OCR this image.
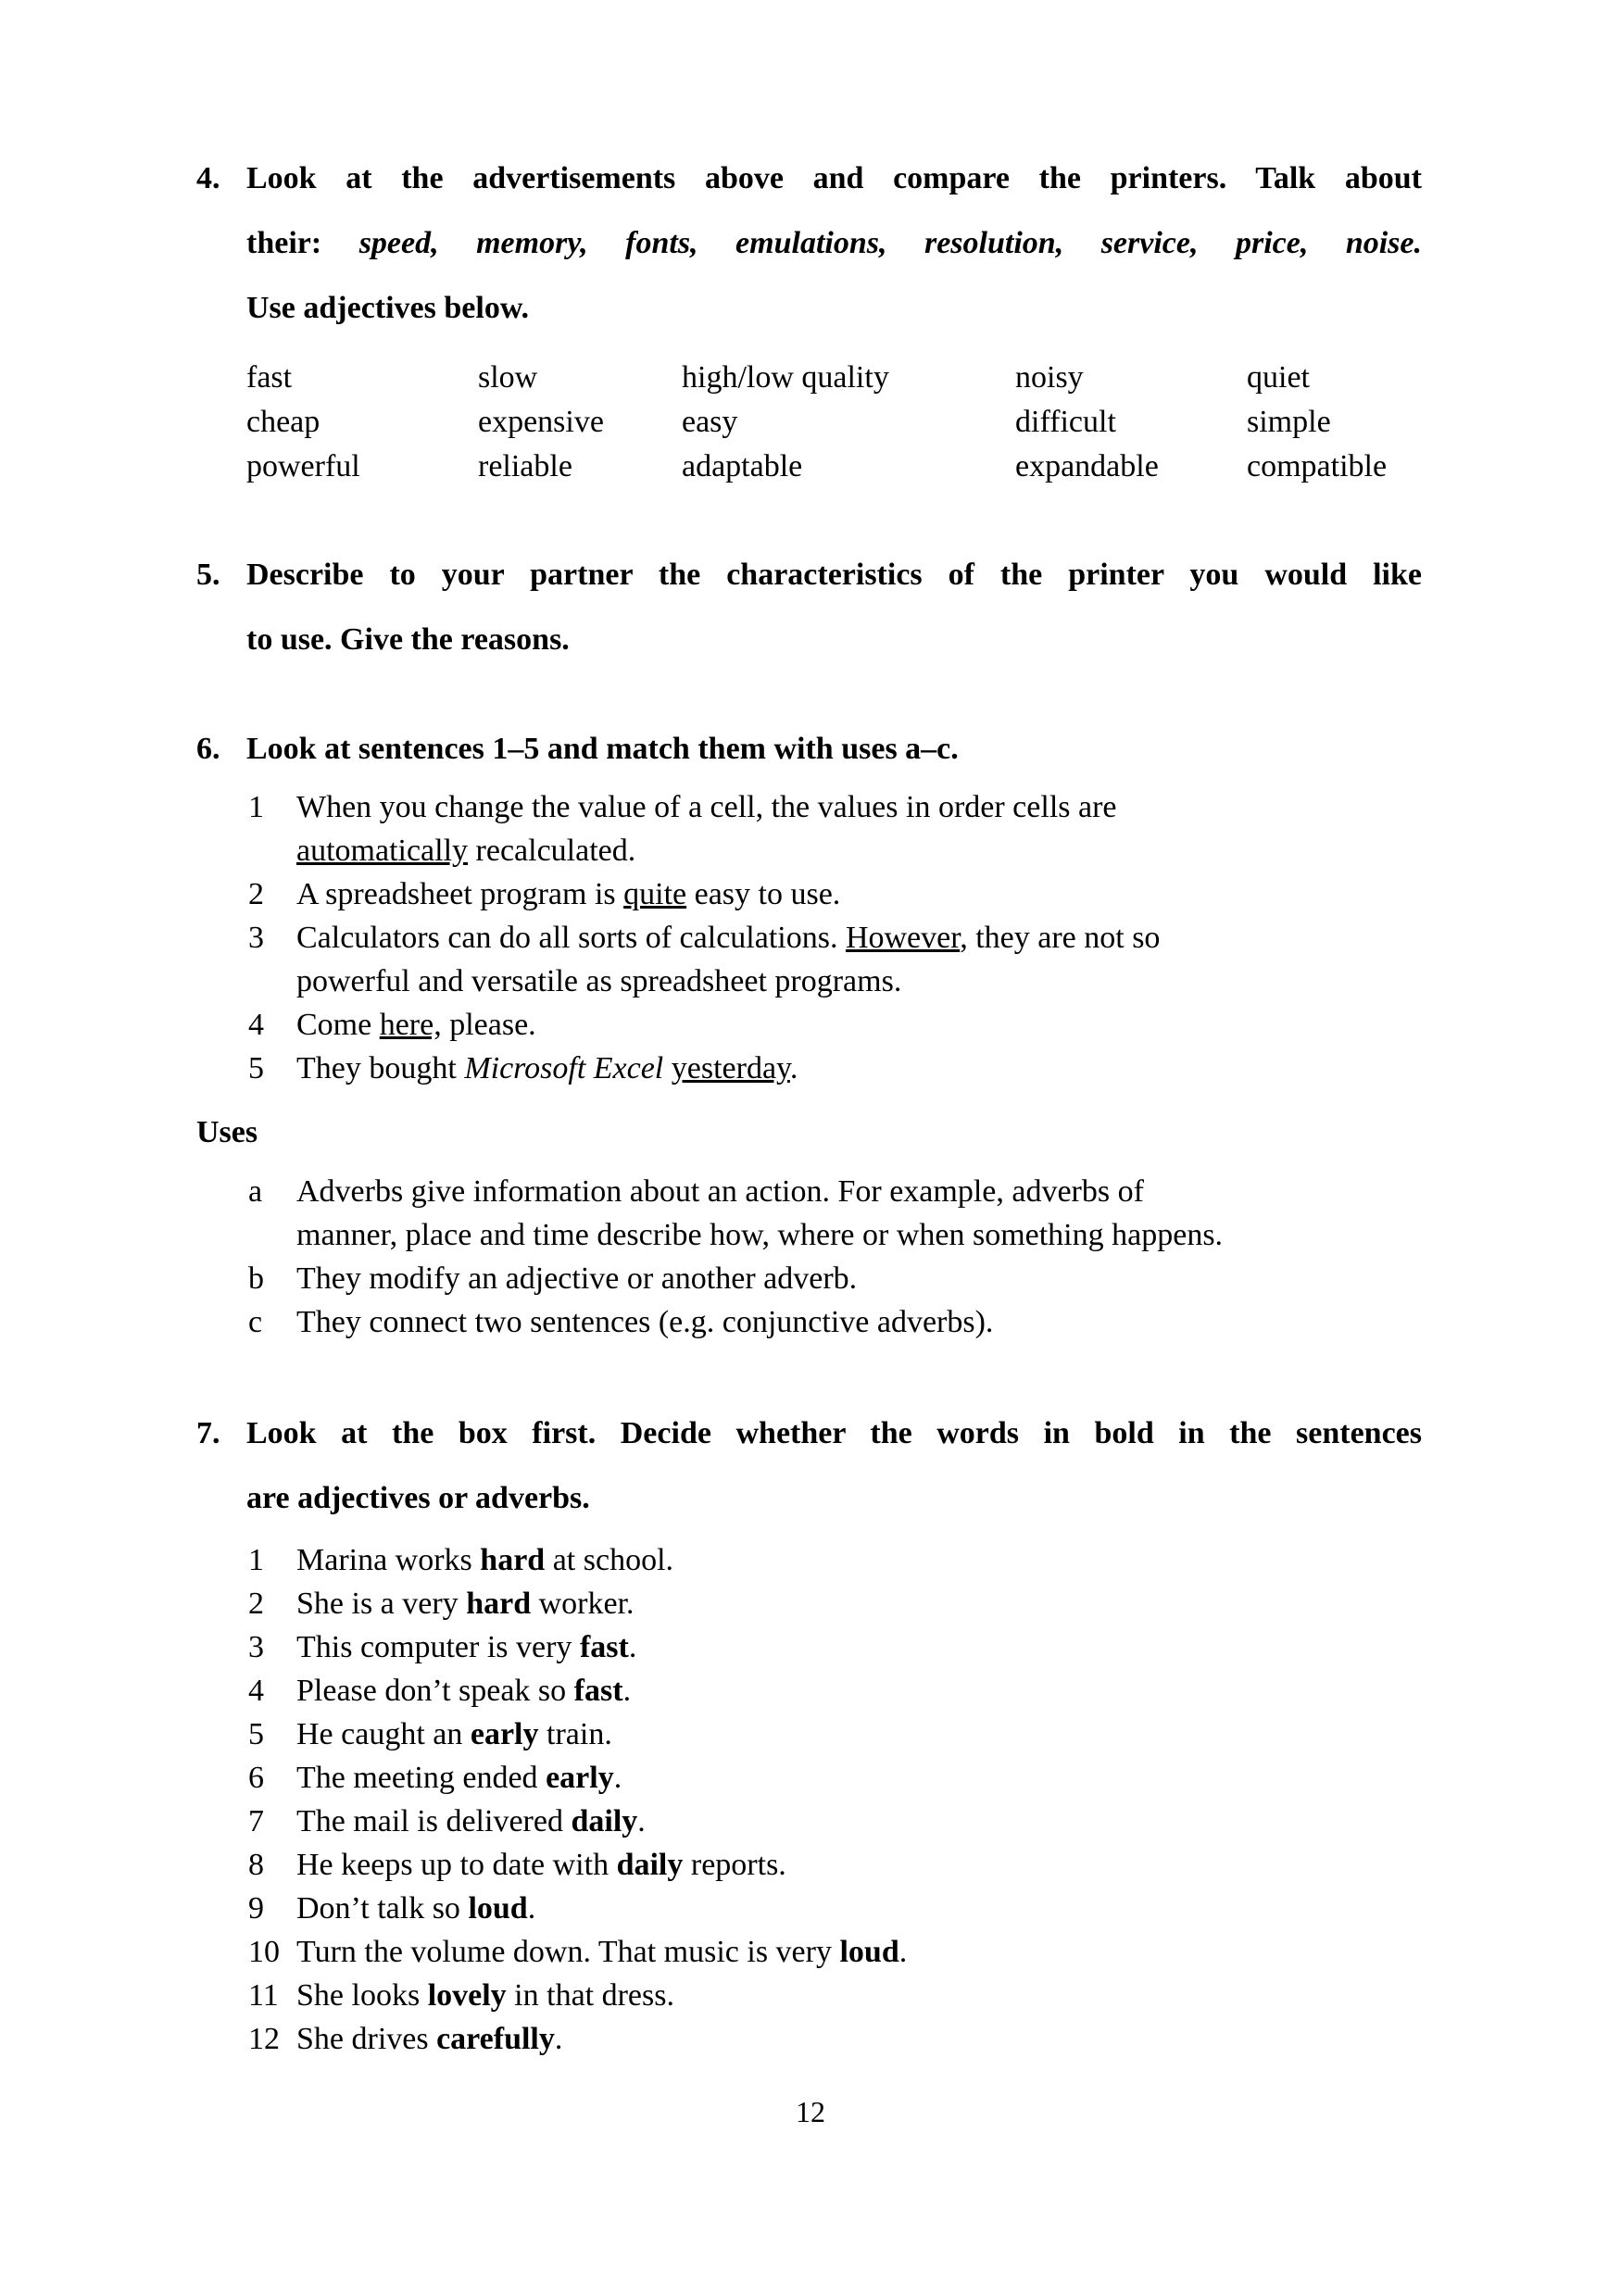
4. Look at the advertisements above and compare the printers. Talk about
their: speed, memory, fonts, emulations, resolution, service, price, noise.
Use adjectives below.
fast	slow	high/low quality	noisy	quiet
cheap	expensive	easy	difficult	simple
powerful	reliable	adaptable	expandable	compatible
5. Describe to your partner the characteristics of the printer you would like
to use. Give the reasons.
6. Look at sentences 1–5 and match them with uses a–c.
1	When you change the value of a cell, the values in order cells are
automatically recalculated.
2	A spreadsheet program is quite easy to use.
3	Calculators can do all sorts of calculations. However, they are not so
powerful and versatile as spreadsheet programs.
4	Come here, please.
5	They bought Microsoft Excel yesterday.
Uses
a	Adverbs give information about an action. For example, adverbs of
manner, place and time describe how, where or when something happens.
b	They modify an adjective or another adverb.
c	They connect two sentences (e.g. conjunctive adverbs).
7. Look at the box first. Decide whether the words in bold in the sentences
are adjectives or adverbs.
1	Marina works hard at school.
2	She is a very hard worker.
3	This computer is very fast.
4	Please don’t speak so fast.
5	He caught an early train.
6	The meeting ended early.
7	The mail is delivered daily.
8	He keeps up to date with daily reports.
9	Don’t talk so loud.
10 Turn the volume down. That music is very loud.
11 She looks lovely in that dress.
12 She drives carefully.
12
